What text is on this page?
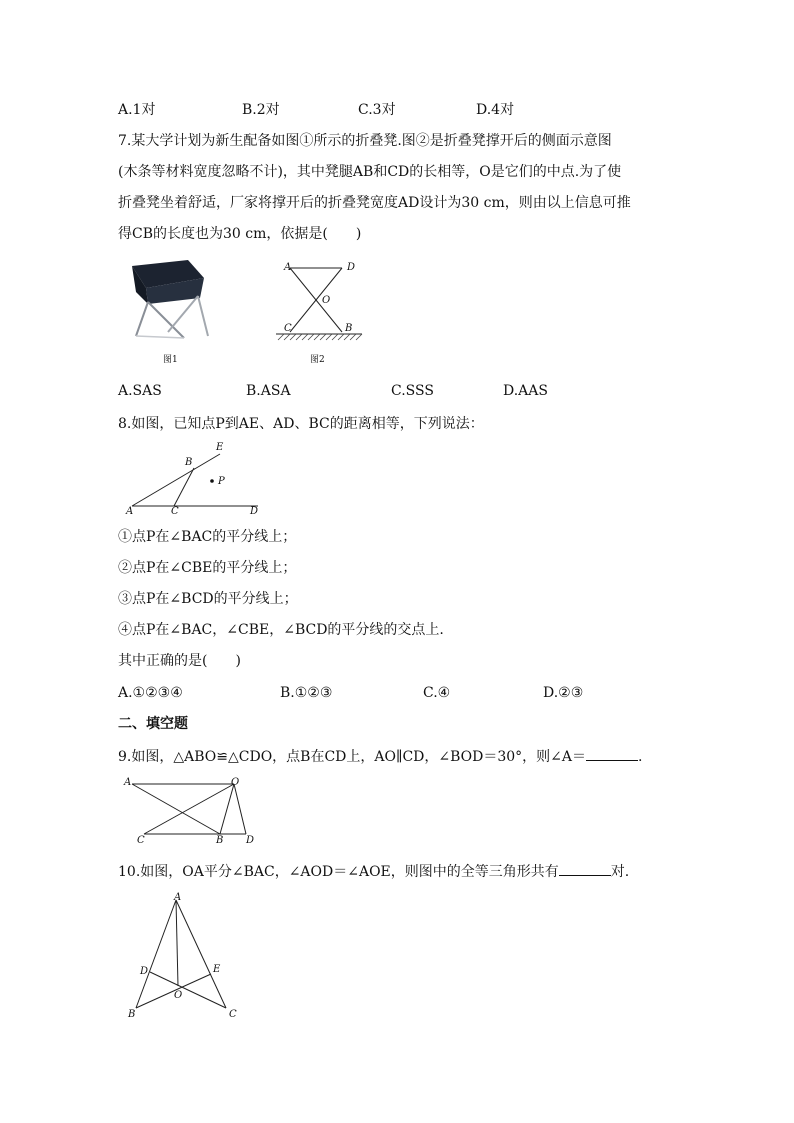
A.1对	B.2对	C.3对	D.4对
7.某大学计划为新生配备如图①所示的折叠凳.图②是折叠凳撑开后的侧面示意图
(木条等材料宽度忽略不计)，其中凳腿AB和CD的长相等，O是它们的中点.为了使
折叠凳坐着舒适，厂家将撑开后的折叠凳宽度AD设计为30 cm，则由以上信息可推
得CB的长度也为30 cm，依据是(　　)
图1
A	D
O
C	B
图2
A.SAS	B.ASA	C.SSS	D.AAS
8.如图，已知点P到AE、AD、BC的距离相等，下列说法：
E
B
P
A	C	D
①点P在∠BAC的平分线上；
②点P在∠CBE的平分线上；
③点P在∠BCD的平分线上；
④点P在∠BAC，∠CBE，∠BCD的平分线的交点上.
其中正确的是(　　)
A.①②③④	B.①②③	C.④	D.②③
二、填空题
9.如图，△ABO≌△CDO，点B在CD上，AO∥CD，∠BOD＝30°，则∠A＝	.
A	O
C	B D
10.如图，OA平分∠BAC，∠AOD＝∠AOE，则图中的全等三角形共有	对.
A
D	E
O
B	C
